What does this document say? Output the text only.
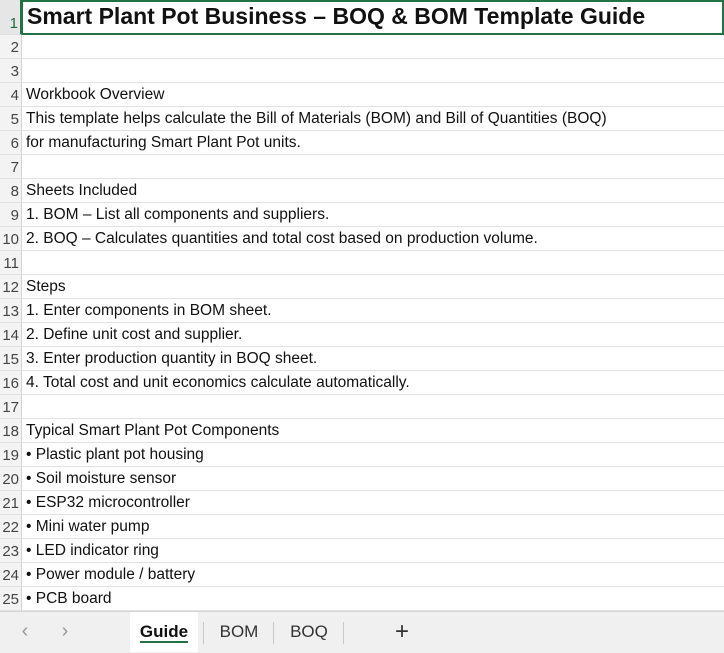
1 Smart Plant Pot Business – BOQ & BOM Template Guide
2
3
4 Workbook Overview
5 This template helps calculate the Bill of Materials (BOM) and Bill of Quantities (BOQ)
6 for manufacturing Smart Plant Pot units.
7
8 Sheets Included
9 1. BOM – List all components and suppliers.
10 2. BOQ – Calculates quantities and total cost based on production volume.
11
12 Steps
13 1. Enter components in BOM sheet.
14 2. Define unit cost and supplier.
15 3. Enter production quantity in BOQ sheet.
16 4. Total cost and unit economics calculate automatically.
17
18 Typical Smart Plant Pot Components
19 • Plastic plant pot housing
20 • Soil moisture sensor
21 • ESP32 microcontroller
22 • Mini water pump
23 • LED indicator ring
24 • Power module / battery
25 • PCB board
‹	›	Guide BOM BOQ	+
